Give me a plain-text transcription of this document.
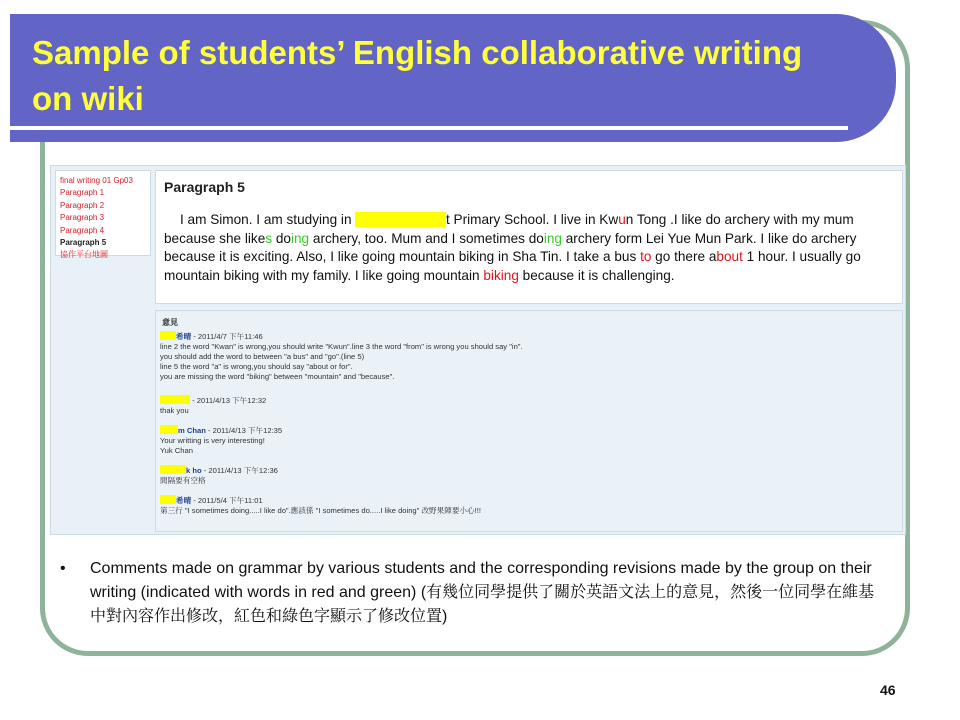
Sample of students’ English collaborative writing on wiki
final writing 01 Gp03
Paragraph 1
Paragraph 2
Paragraph 3
Paragraph 4
Paragraph 5
協作平台地圖
Paragraph 5

I am Simon. I am studying in XXXXXXXXXXt Primary School. I live in Kwun Tong .I like do archery with my mum because she likes doing archery, too. Mum and I sometimes doing archery form Lei Yue Mun Park. I like do archery because it is exciting. Also, I like going mountain biking in Sha Tin. I take a bus to go there about 1 hour. I usually go mountain biking with my family. I like going mountain biking because it is challenging.

意見
希晴 - 2011/4/7 下午11:46
line 2 the word "Kwan" is wrong,you should write "Kwun".line 3 the word "from" is wrong you should say "in".
you should add the word to between "a bus" and "go".(line 5)
line 5 the word "a" is wrong,you should say "about or for".
you are missing the word "biking" between "mountain" and "because".
- 2011/4/13 下午12:32
thak you
m Chan - 2011/4/13 下午12:35
Your writting is very interesting!
Yuk Chan
k ho - 2011/4/13 下午12:36
間隔要有空格
希晴 - 2011/5/4 下午11:01
第三行 "I sometimes doing.....I like do".應該係 "I sometimes do.....I like doing" 改野果陣要小心!!!
• Comments made on grammar by various students and the corresponding revisions made by the group on their writing (indicated with words in red and green) (有幾位同學提供了關於英語文法上的意見，然後一位同學在維基中對內容作出修改，紅色和綠色字顯示了修改位置)

46
